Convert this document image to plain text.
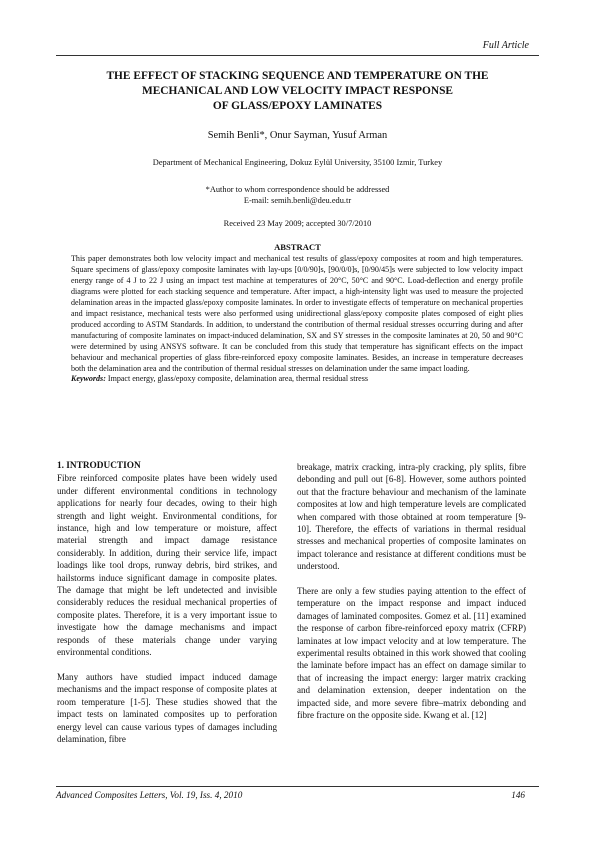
Full Article
THE EFFECT OF STACKING SEQUENCE AND TEMPERATURE ON THE
MECHANICAL AND LOW VELOCITY IMPACT RESPONSE
OF GLASS/EPOXY LAMINATES
Semih Benli*, Onur Sayman, Yusuf Arman
Department of Mechanical Engineering, Dokuz Eylül University, 35100 Izmir, Turkey
*Author to whom correspondence should be addressed
E-mail: semih.benli@deu.edu.tr
Received 23 May 2009; accepted 30/7/2010
ABSTRACT

This paper demonstrates both low velocity impact and mechanical test results of glass/epoxy composites at room and high temperatures. Square specimens of glass/epoxy composite laminates with lay-ups [0/0/90]s, [90/0/0]s, [0/90/45]s were subjected to low velocity impact energy range of 4 J to 22 J using an impact test machine at temperatures of 20°C, 50°C and 90°C. Load-deflection and energy profile diagrams were plotted for each stacking sequence and temperature. After impact, a high-intensity light was used to measure the projected delamination areas in the impacted glass/epoxy composite laminates. In order to investigate effects of temperature on mechanical properties and impact resistance, mechanical tests were also performed using unidirectional glass/epoxy composite plates composed of eight plies produced according to ASTM Standards. In addition, to understand the contribution of thermal residual stresses occurring during and after manufacturing of composite laminates on impact-induced delamination, SX and SY stresses in the composite laminates at 20, 50 and 90°C were determined by using ANSYS software. It can be concluded from this study that temperature has significant effects on the impact behaviour and mechanical properties of glass fibre-reinforced epoxy composite laminates. Besides, an increase in temperature decreases both the delamination area and the contribution of thermal residual stresses on delamination under the same impact loading.

Keywords: Impact energy, glass/epoxy composite, delamination area, thermal residual stress

1. INTRODUCTION

Fibre reinforced composite plates have been widely used under different environmental conditions in technology applications for nearly four decades, owing to their high strength and light weight. Environmental conditions, for instance, high and low temperature or moisture, affect material strength and impact damage resistance considerably. In addition, during their service life, impact loadings like tool drops, runway debris, bird strikes, and hailstorms induce significant damage in composite plates. The damage that might be left undetected and invisible considerably reduces the residual mechanical properties of composite plates. Therefore, it is a very important issue to investigate how the damage mechanisms and impact responds of these materials change under varying environmental conditions.

Many authors have studied impact induced damage mechanisms and the impact response of composite plates at room temperature [1-5]. These studies showed that the impact tests on laminated composites up to perforation energy level can cause various types of damages including delamination, fibre

breakage, matrix cracking, intra-ply cracking, ply splits, fibre debonding and pull out [6-8]. However, some authors pointed out that the fracture behaviour and mechanism of the laminate composites at low and high temperature levels are complicated when compared with those obtained at room temperature [9-10]. Therefore, the effects of variations in thermal residual stresses and mechanical properties of composite laminates on impact tolerance and resistance at different conditions must be understood.

There are only a few studies paying attention to the effect of temperature on the impact response and impact induced damages of laminated composites. Gomez et al. [11] examined the response of carbon fibre-reinforced epoxy matrix (CFRP) laminates at low impact velocity and at low temperature. The experimental results obtained in this work showed that cooling the laminate before impact has an effect on damage similar to that of increasing the impact energy: larger matrix cracking and delamination extension, deeper indentation on the impacted side, and more severe fibre–matrix debonding and fibre fracture on the opposite side. Kwang et al. [12]

Advanced Composites Letters, Vol. 19, Iss. 4, 2010	146
